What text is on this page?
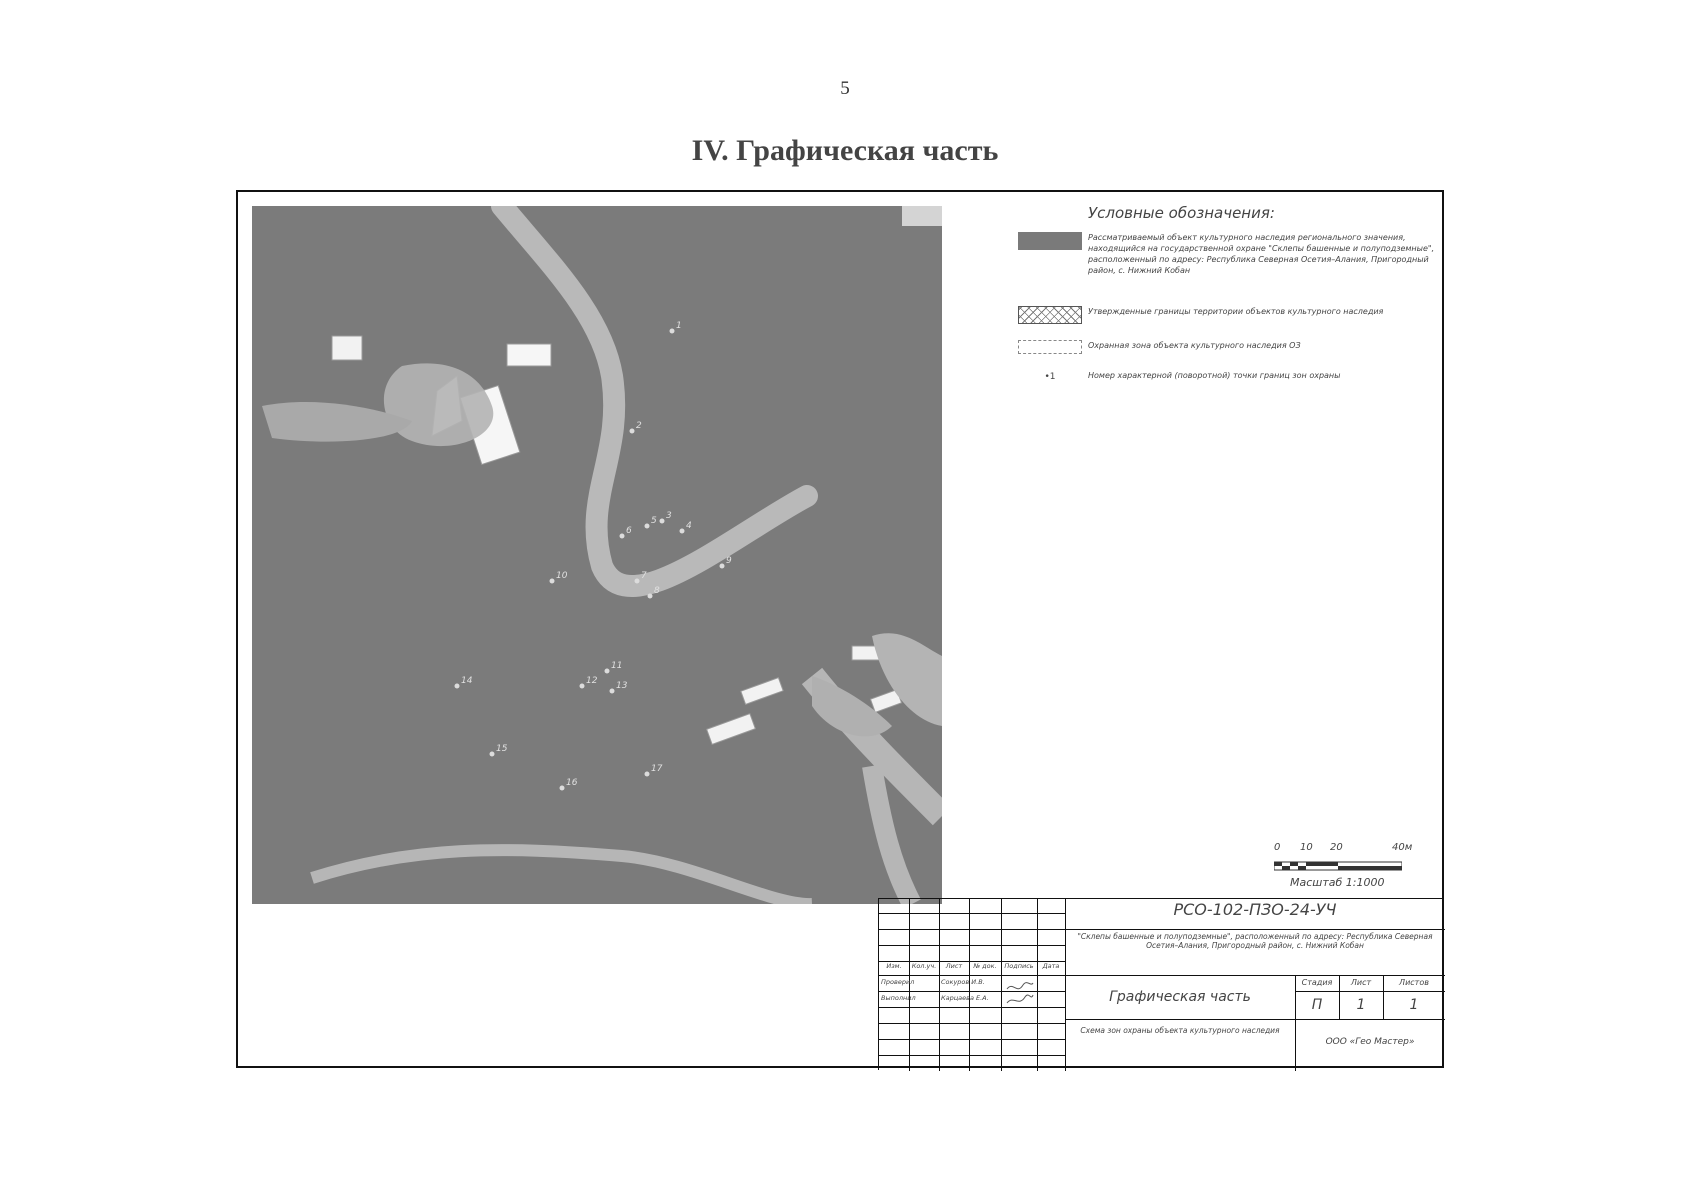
5
IV. Графическая часть
1
2
3
4
5
6
7
8
9
10
11
12 13
14
15
16
17
Условные обозначения:
Рассматриваемый объект культурного наследия регионального значения, находящийся на государственной охране "Склепы башенные и полуподземные", расположенный по адресу: Республика Северная Осетия–Алания, Пригородный район, с. Нижний Кобан
Утвержденные границы территории объектов культурного наследия
Охранная зона объекта культурного наследия ОЗ
•1	Номер характерной (поворотной) точки границ зон охраны
0 10 20	40м
Масштаб 1:1000
РСО-102-ПЗО-24-УЧ
"Склепы башенные и полуподземные", расположенный по адресу: Республика Северная Осетия–Алания, Пригородный район, с. Нижний Кобан
Изм.	Кол.уч.	Лист	№ док.	Подпись	Дата
Проверил	Сокуров И.В.
Выполнил	Карцаева Е.А.	Графическая часть
Стадия	Лист	Листов
П	1	1
Схема зон охраны объекта культурного наследия
ООО «Гео Мастер»
